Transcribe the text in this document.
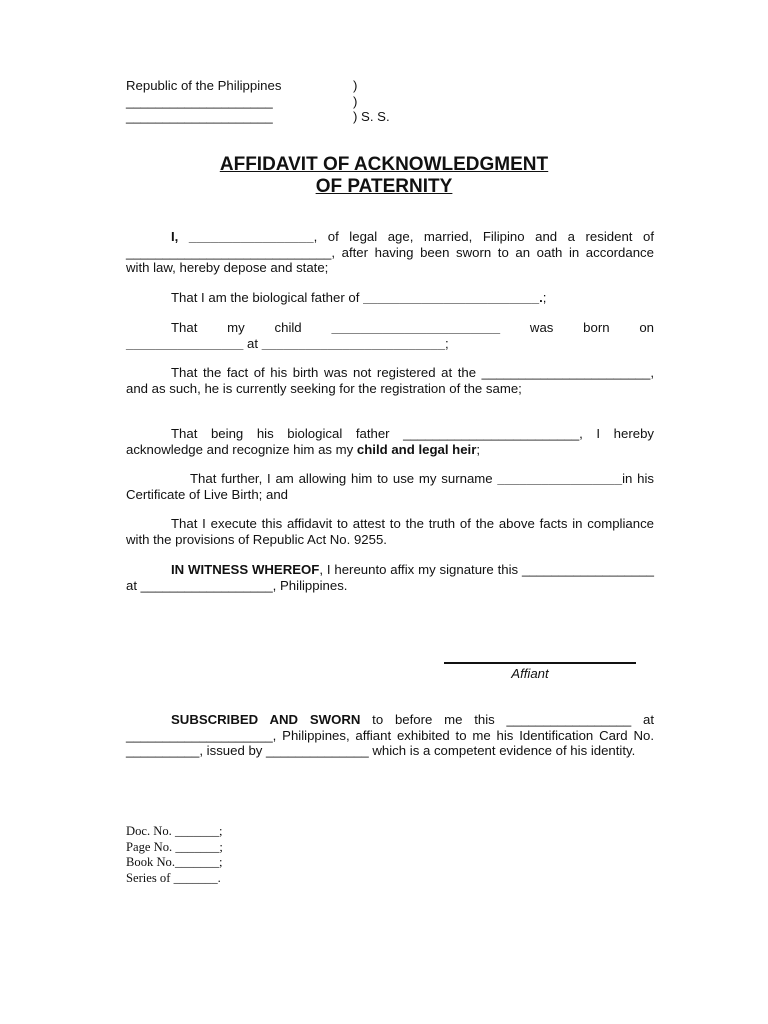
Republic of the Philippines	)
____________________	)
____________________	) S. S.
AFFIDAVIT OF ACKNOWLEDGMENT
OF PATERNITY
I, _________________, of legal age, married, Filipino and a resident of ____________________________, after having been sworn to an oath in accordance with law, hereby depose and state;
That I am the biological father of ________________________.;
That my child _______________________ was born on ________________ at _________________________;
That the fact of his birth was not registered at the _______________________, and as such, he is currently seeking for the registration of the same;
That being his biological father ________________________, I hereby acknowledge and recognize him as my child and legal heir;
That further, I am allowing him to use my surname _________________in his Certificate of Live Birth; and
That I execute this affidavit to attest to the truth of the above facts in compliance with the provisions of Republic Act No. 9255.
IN WITNESS WHEREOF, I hereunto affix my signature this __________________ at __________________, Philippines.
Affiant
SUBSCRIBED AND SWORN to before me this _________________ at ____________________, Philippines, affiant exhibited to me his Identification Card No. __________, issued by ______________ which is a competent evidence of his identity.
Doc. No. _______;
Page No. _______;
Book No._______;
Series of _______.
